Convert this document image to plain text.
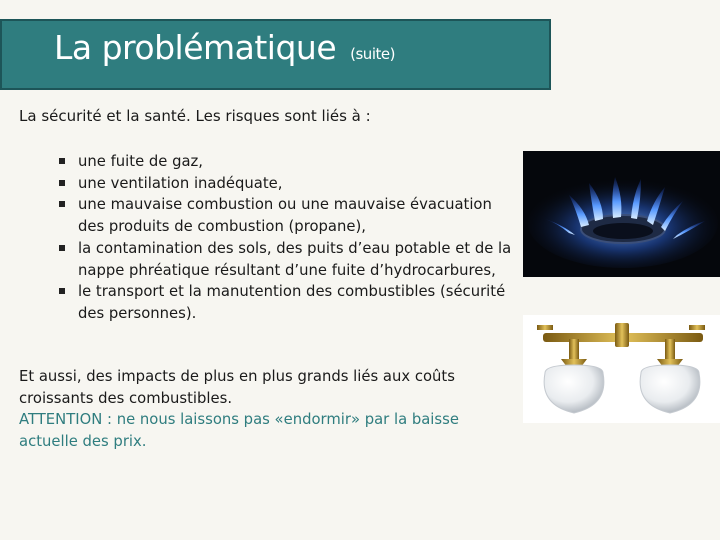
La problématique (suite)
La sécurité et la santé. Les risques sont liés à :
une fuite de gaz,
une ventilation inadéquate,
une mauvaise combustion ou une mauvaise évacuation des produits de combustion (propane),
la contamination des sols, des puits d’eau potable et de la nappe phréatique résultant d’une fuite d’hydrocarbures,
le transport et la manutention des combustibles (sécurité des personnes).

Et aussi, des impacts de plus en plus grands liés aux coûts croissants des combustibles.

ATTENTION : ne nous laissons pas «endormir» par la baisse actuelle des prix.
